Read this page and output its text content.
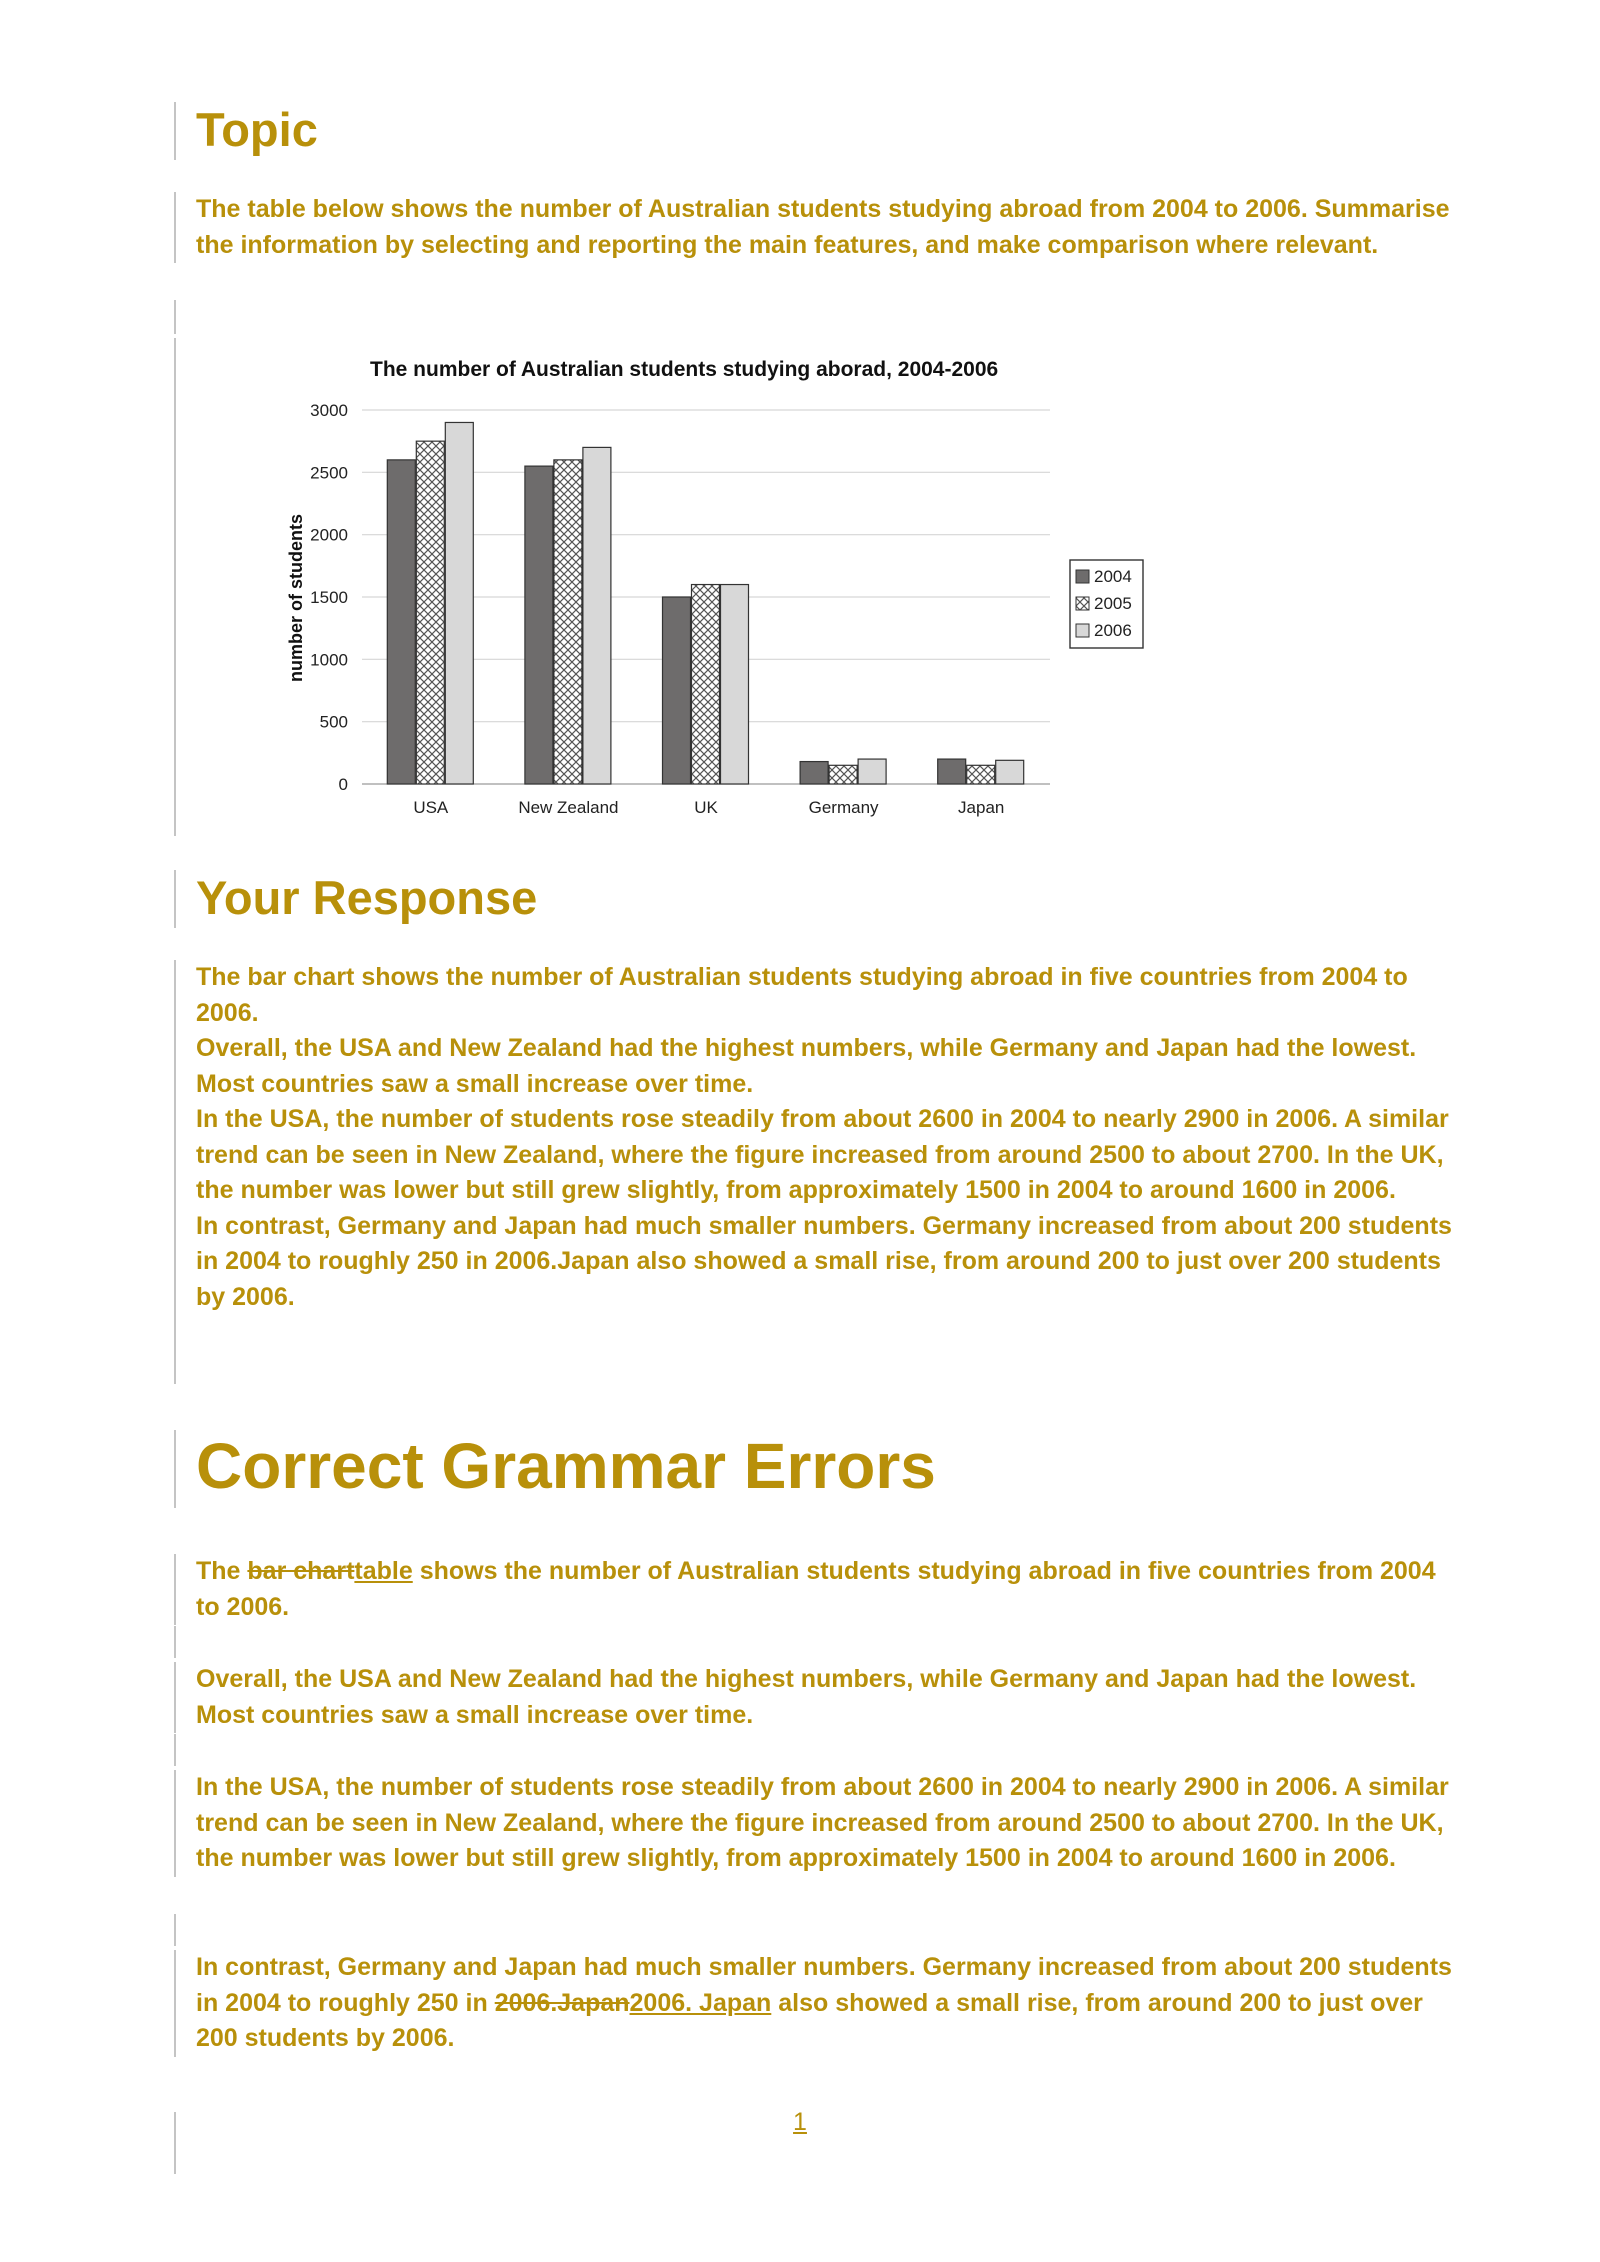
Topic

The table below shows the number of Australian students studying abroad from 2004 to 2006. Summarise the information by selecting and reporting the main features, and make comparison where relevant.

The number of Australian students studying aborad, 2004-2006
number of students
0
500
1000
1500
2000
2500
3000
USA	New Zealand	UK	Germany	Japan
2004
2005
2006
Your Response

The bar chart shows the number of Australian students studying abroad in five countries from 2004 to 2006.

Overall, the USA and New Zealand had the highest numbers, while Germany and Japan had the lowest. Most countries saw a small increase over time.

In the USA, the number of students rose steadily from about 2600 in 2004 to nearly 2900 in 2006. A similar trend can be seen in New Zealand, where the figure increased from around 2500 to about 2700. In the UK, the number was lower but still grew slightly, from approximately 1500 in 2004 to around 1600 in 2006.

In contrast, Germany and Japan had much smaller numbers. Germany increased from about 200 students in 2004 to roughly 250 in 2006.Japan also showed a small rise, from around 200 to just over 200 students by 2006.

Correct Grammar Errors

The bar charttable shows the number of Australian students studying abroad in five countries from 2004 to 2006.

Overall, the USA and New Zealand had the highest numbers, while Germany and Japan had the lowest. Most countries saw a small increase over time.

In the USA, the number of students rose steadily from about 2600 in 2004 to nearly 2900 in 2006. A similar trend can be seen in New Zealand, where the figure increased from around 2500 to about 2700. In the UK, the number was lower but still grew slightly, from approximately 1500 in 2004 to around 1600 in 2006.

In contrast, Germany and Japan had much smaller numbers. Germany increased from about 200 students in 2004 to roughly 250 in 2006.Japan2006. Japan also showed a small rise, from around 200 to just over 200 students by 2006.

1
